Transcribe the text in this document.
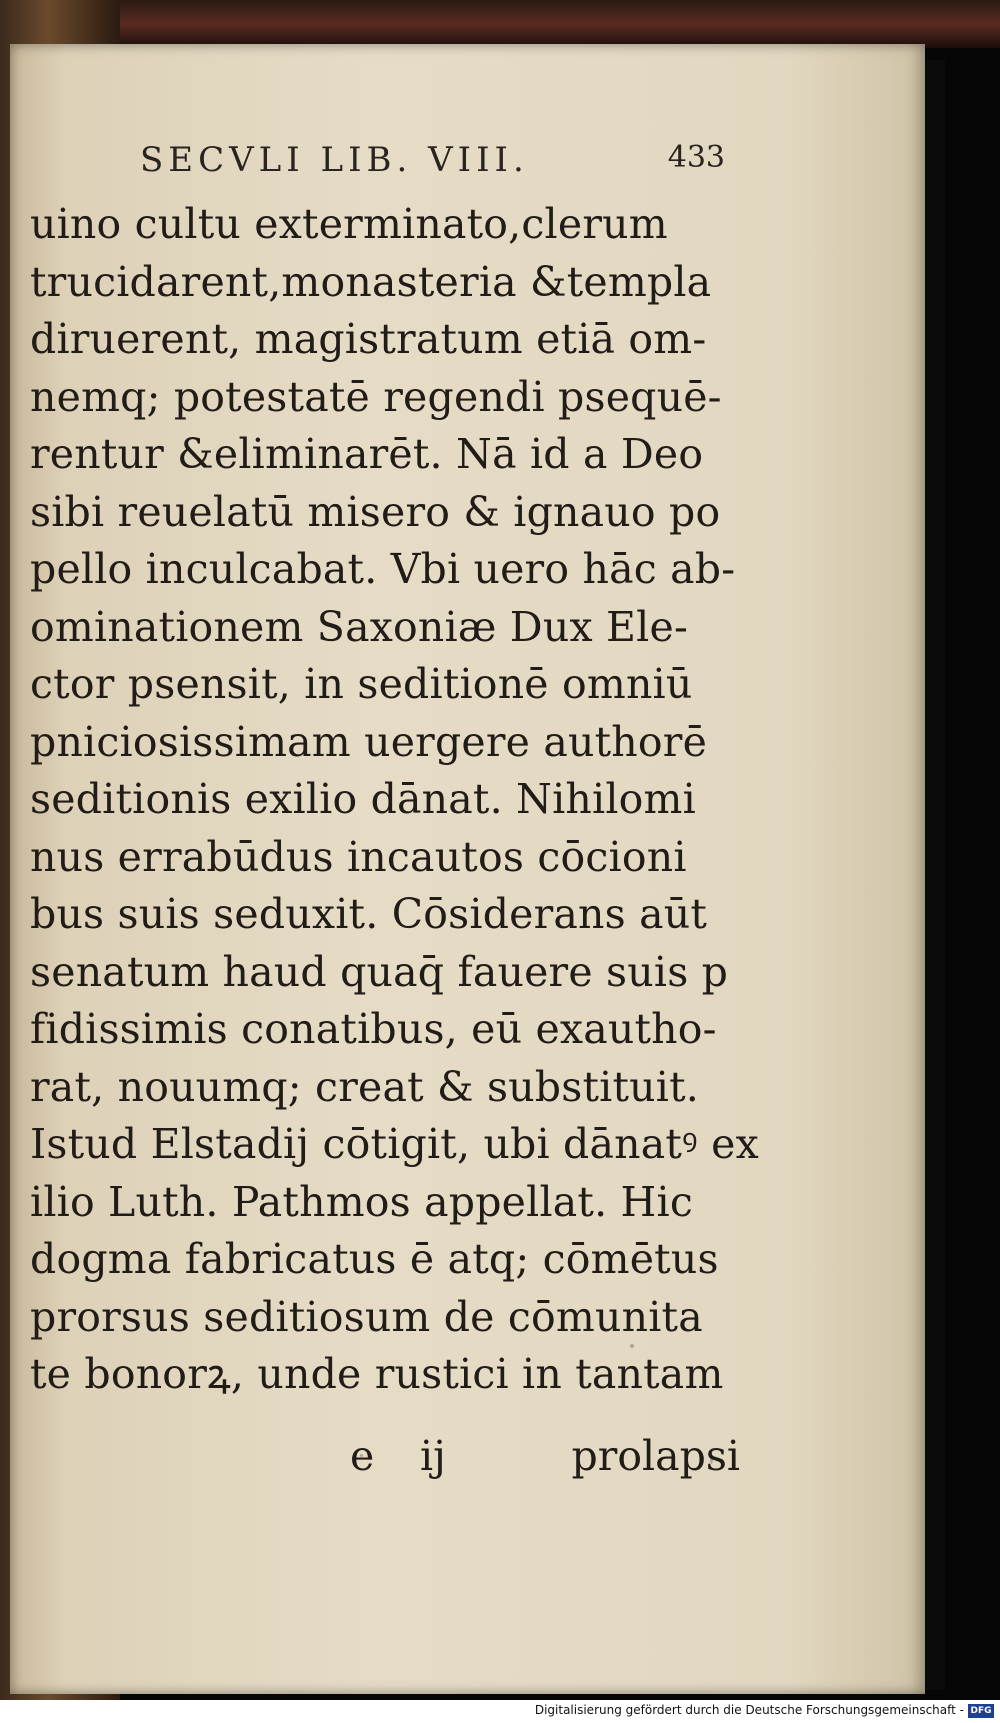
SECVLI LIB. VIII.	433
uino cultu exterminato,clerum
trucidarent,monasteria &templa
diruerent, magistratum etiā om-
nemq; potestatē regendi psequē-
rentur &eliminarēt. Nā id a Deo
sibi reuelatū misero & ignauo po
pello inculcabat. Vbi uero hāc ab-
ominationem Saxoniæ Dux Ele-
ctor psensit, in seditionē omniū
pniciosissimam uergere authorē
seditionis exilio dānat. Nihilomi
nus errabūdus incautos cōcioni
bus suis seduxit. Cōsiderans aūt
senatum haud quaq̄ fauere suis p
fidissimis conatibus, eū exautho-
rat, nouumq; creat & substituit.
Istud Elstadij cōtigit, ubi dānatꝰ ex
ilio Luth. Pathmos appellat. Hic
dogma fabricatus ē atq; cōmētus
prorsus seditiosum de cōmunita
te bonorꝝ, unde rustici in tantam
e ij	prolapsi
Digitalisierung gefördert durch die Deutsche Forschungsgemeinschaft - DFG
